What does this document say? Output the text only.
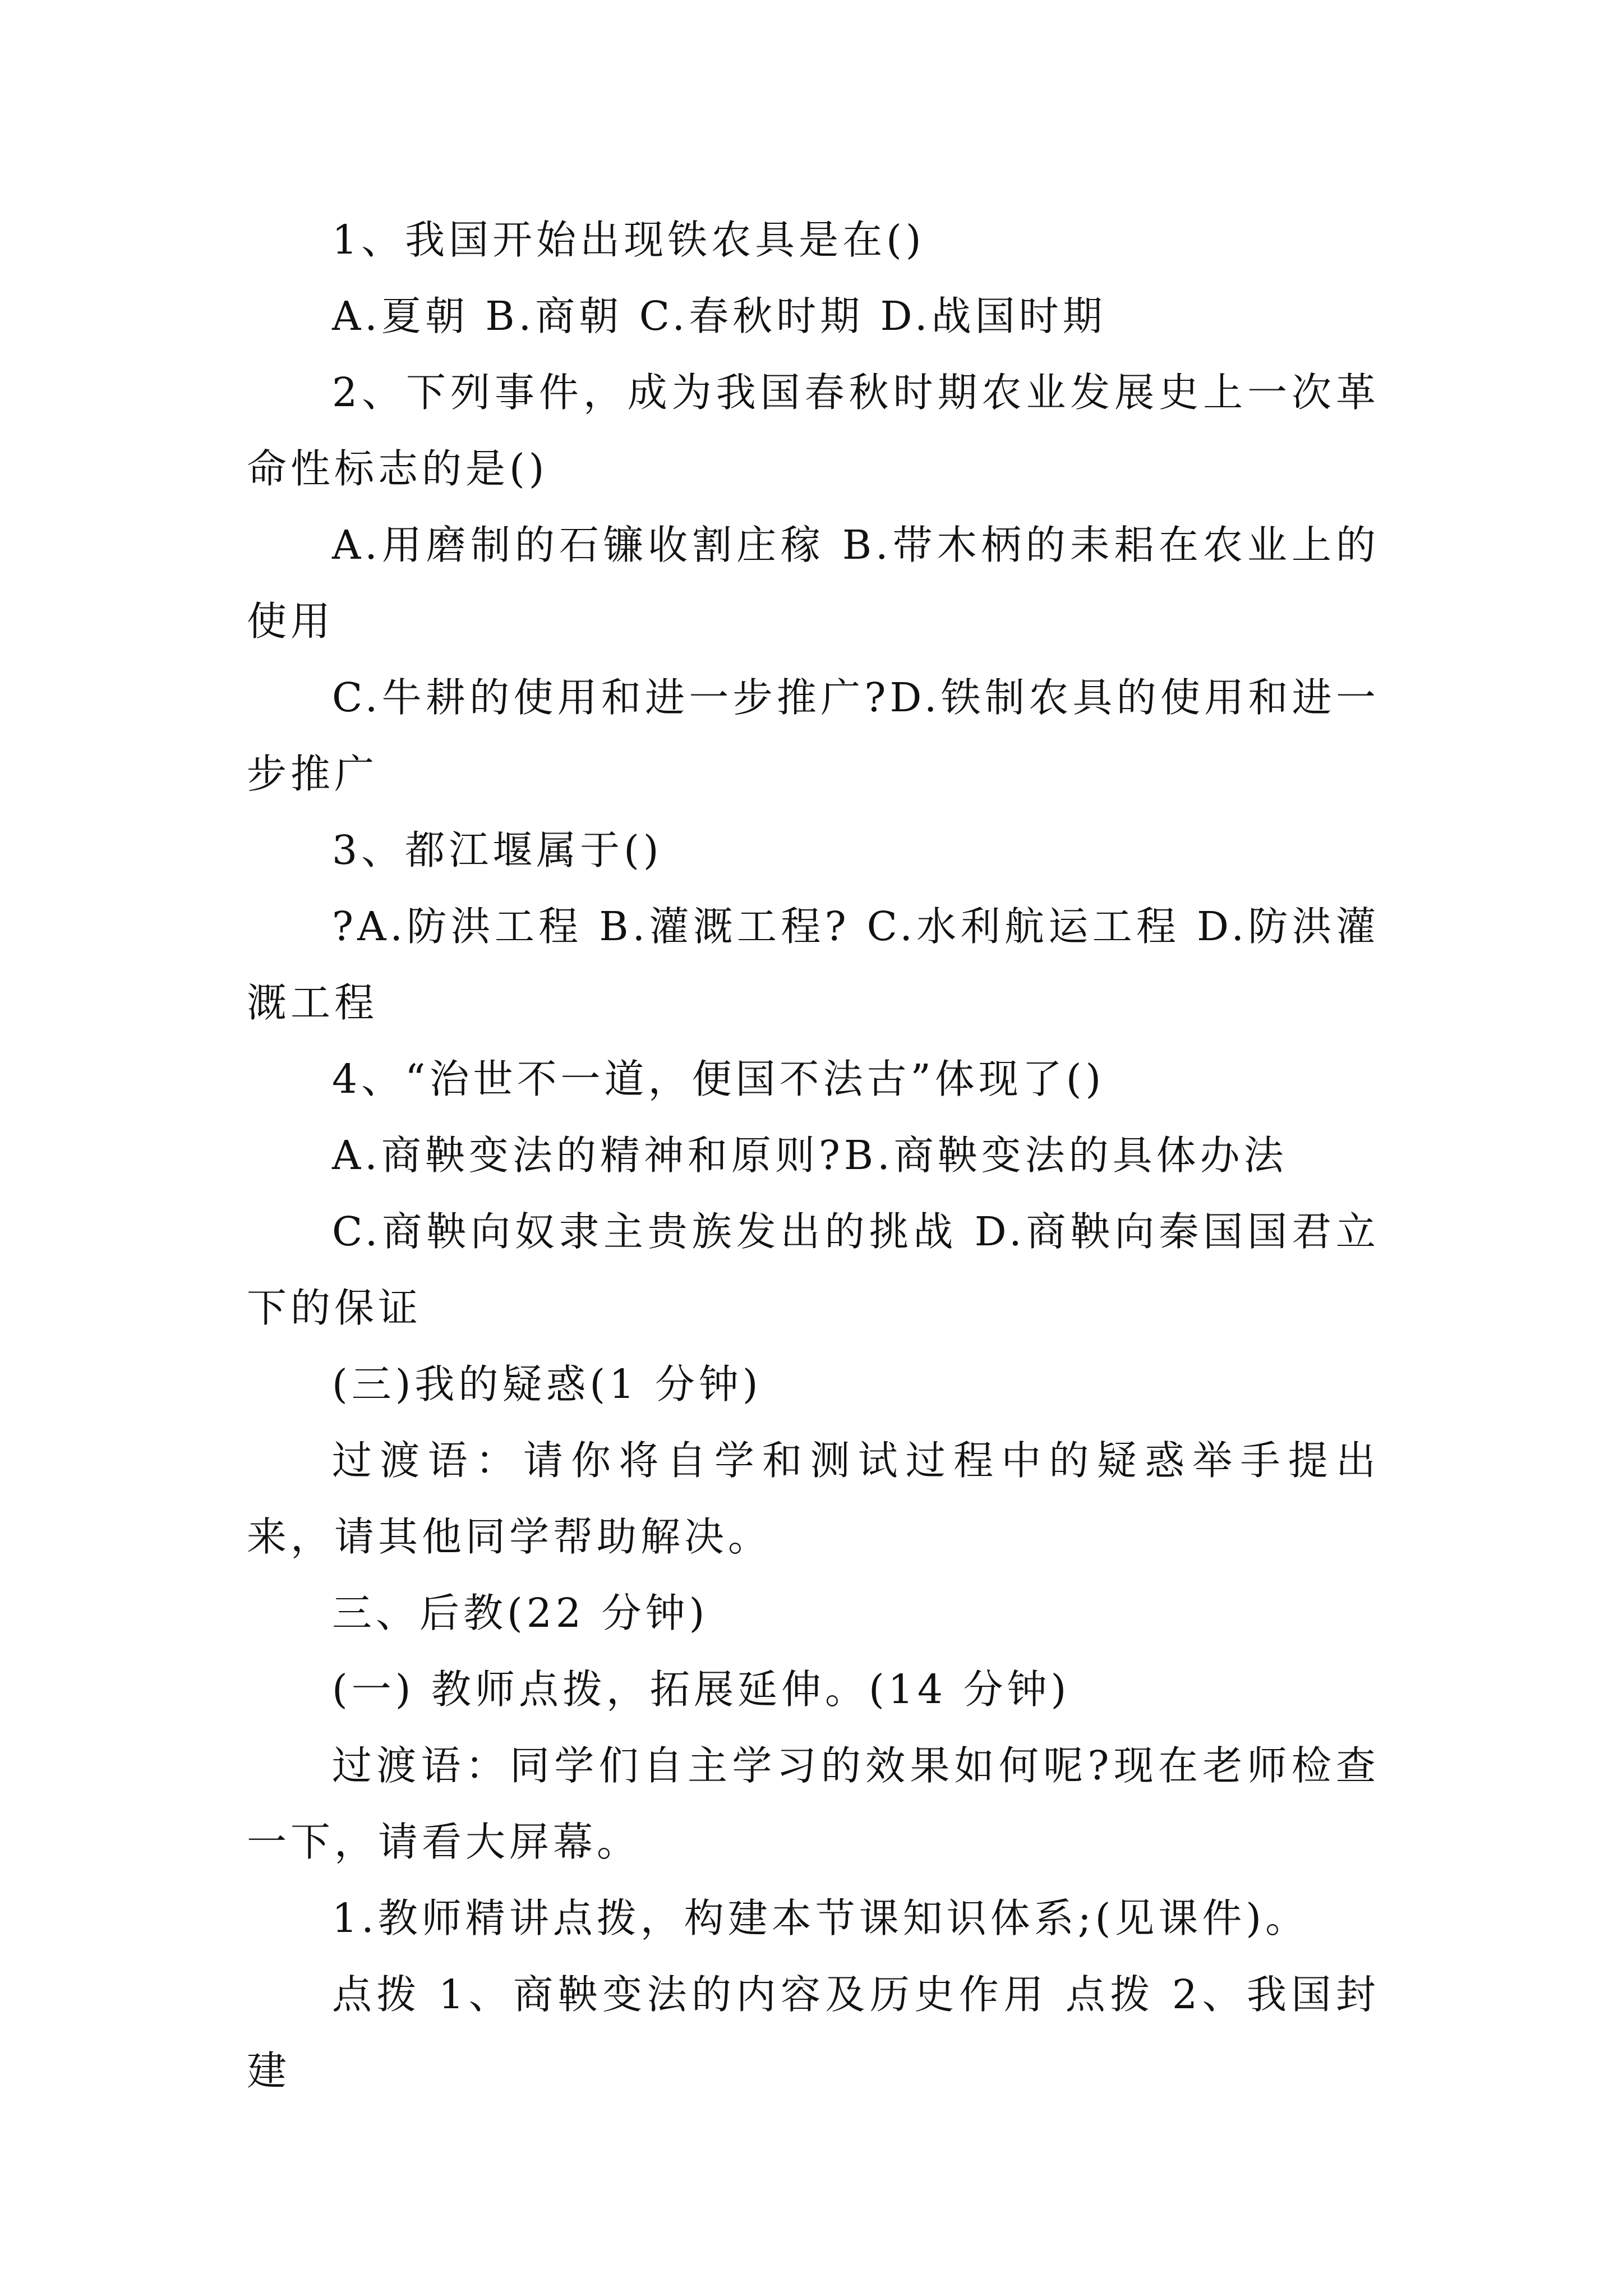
1、我国开始出现铁农具是在()

A.夏朝 B.商朝 C.春秋时期 D.战国时期

2、下列事件，成为我国春秋时期农业发展史上一次革命性标志的是()

A.用磨制的石镰收割庄稼 B.带木柄的耒耜在农业上的使用

C.牛耕的使用和进一步推广?D.铁制农具的使用和进一步推广

3、都江堰属于()

?A.防洪工程 B.灌溉工程? C.水利航运工程 D.防洪灌溉工程

4、“治世不一道，便国不法古”体现了()

A.商鞅变法的精神和原则?B.商鞅变法的具体办法

C.商鞅向奴隶主贵族发出的挑战 D.商鞅向秦国国君立下的保证

(三)我的疑惑(1 分钟)

过渡语：请你将自学和测试过程中的疑惑举手提出来，请其他同学帮助解决。

三、后教(22 分钟)

(一) 教师点拨，拓展延伸。(14 分钟)

过渡语：同学们自主学习的效果如何呢?现在老师检查一下，请看大屏幕。

1.教师精讲点拨，构建本节课知识体系;(见课件)。

点拨 1、商鞅变法的内容及历史作用 点拨 2、我国封建
